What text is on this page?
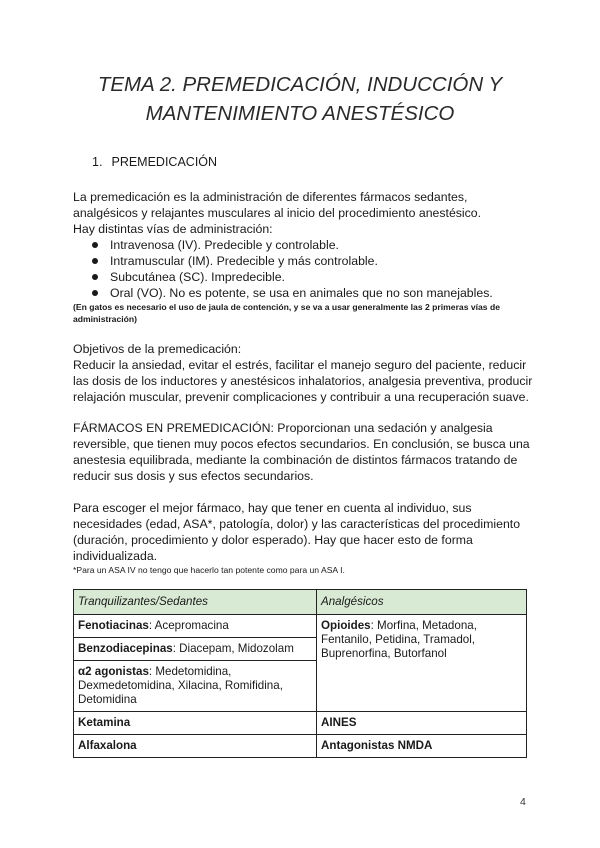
TEMA 2. PREMEDICACIÓN, INDUCCIÓN Y
MANTENIMIENTO ANESTÉSICO
1. PREMEDICACIÓN

La premedicación es la administración de diferentes fármacos sedantes, analgésicos y relajantes musculares al inicio del procedimiento anestésico.

Hay distintas vías de administración:

Intravenosa (IV). Predecible y controlable.
Intramuscular (IM). Predecible y más controlable.
Subcutánea (SC). Impredecible.
Oral (VO). No es potente, se usa en animales que no son manejables.

(En gatos es necesario el uso de jaula de contención, y se va a usar generalmente las 2 primeras vías de administración)

Objetivos de la premedicación:

Reducir la ansiedad, evitar el estrés, facilitar el manejo seguro del paciente, reducir las dosis de los inductores y anestésicos inhalatorios, analgesia preventiva, producir relajación muscular, prevenir complicaciones y contribuir a una recuperación suave.

FÁRMACOS EN PREMEDICACIÓN: Proporcionan una sedación y analgesia reversible, que tienen muy pocos efectos secundarios. En conclusión, se busca una anestesia equilibrada, mediante la combinación de distintos fármacos tratando de reducir sus dosis y sus efectos secundarios.

Para escoger el mejor fármaco, hay que tener en cuenta al individuo, sus necesidades (edad, ASA*, patología, dolor) y las características del procedimiento (duración, procedimiento y dolor esperado). Hay que hacer esto de forma individualizada.

*Para un ASA IV no tengo que hacerlo tan potente como para un ASA I.

Tranquilizantes/Sedantes	Analgésicos
Fenotiacinas: Acepromacina	Opioides: Morfina, Metadona, Fentanilo, Petidina, Tramadol, Buprenorfina, Butorfanol
Benzodiacepinas: Diacepam, Midozolam	
α2 agonistas: Medetomidina, Dexmedetomidina, Xilacina, Romifidina, Detomidina	
Ketamina	AINES
Alfaxalona	Antagonistas NMDA
4
